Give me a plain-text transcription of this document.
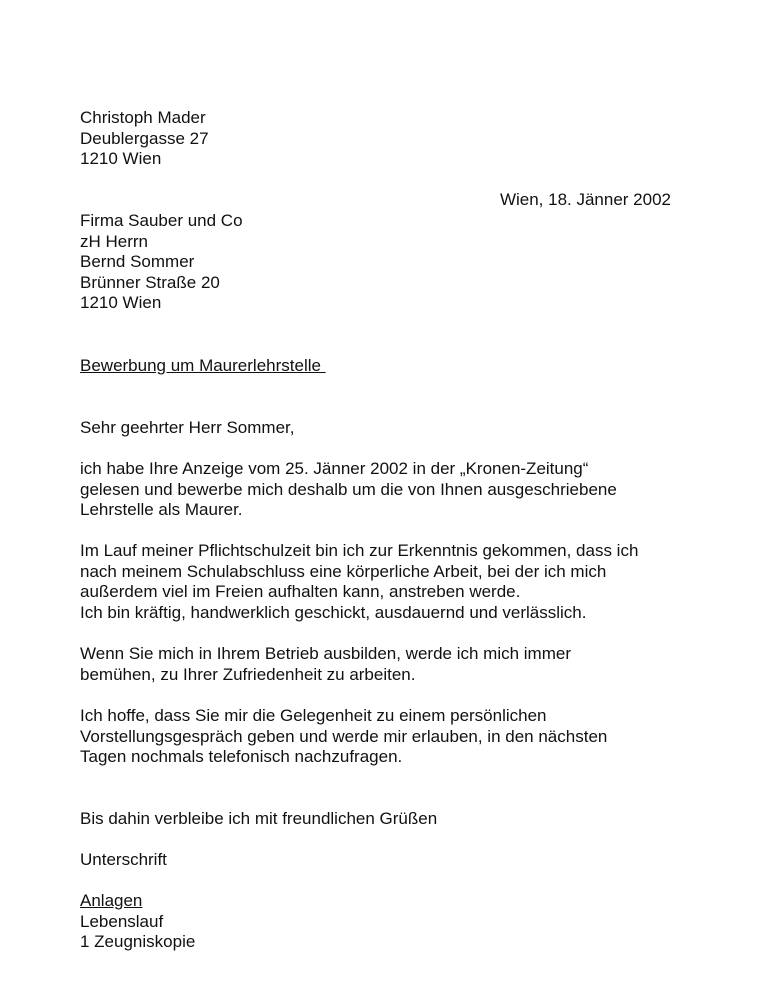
Christoph Mader
Deublergasse 27
1210 Wien
Wien, 18. Jänner 2002
Firma Sauber und Co
zH Herrn
Bernd Sommer
Brünner Straße 20
1210 Wien
Bewerbung um Maurerlehrstelle
Sehr geehrter Herr Sommer,
ich habe Ihre Anzeige vom 25. Jänner 2002 in der „Kronen-Zeitung“
gelesen und bewerbe mich deshalb um die von Ihnen ausgeschriebene
Lehrstelle als Maurer.
Im Lauf meiner Pflichtschulzeit bin ich zur Erkenntnis gekommen, dass ich
nach meinem Schulabschluss eine körperliche Arbeit, bei der ich mich
außerdem viel im Freien aufhalten kann, anstreben werde.
Ich bin kräftig, handwerklich geschickt, ausdauernd und verlässlich.
Wenn Sie mich in Ihrem Betrieb ausbilden, werde ich mich immer
bemühen, zu Ihrer Zufriedenheit zu arbeiten.
Ich hoffe, dass Sie mir die Gelegenheit zu einem persönlichen
Vorstellungsgespräch geben und werde mir erlauben, in den nächsten
Tagen nochmals telefonisch nachzufragen.
Bis dahin verbleibe ich mit freundlichen Grüßen
Unterschrift
Anlagen
Lebenslauf
1 Zeugniskopie
